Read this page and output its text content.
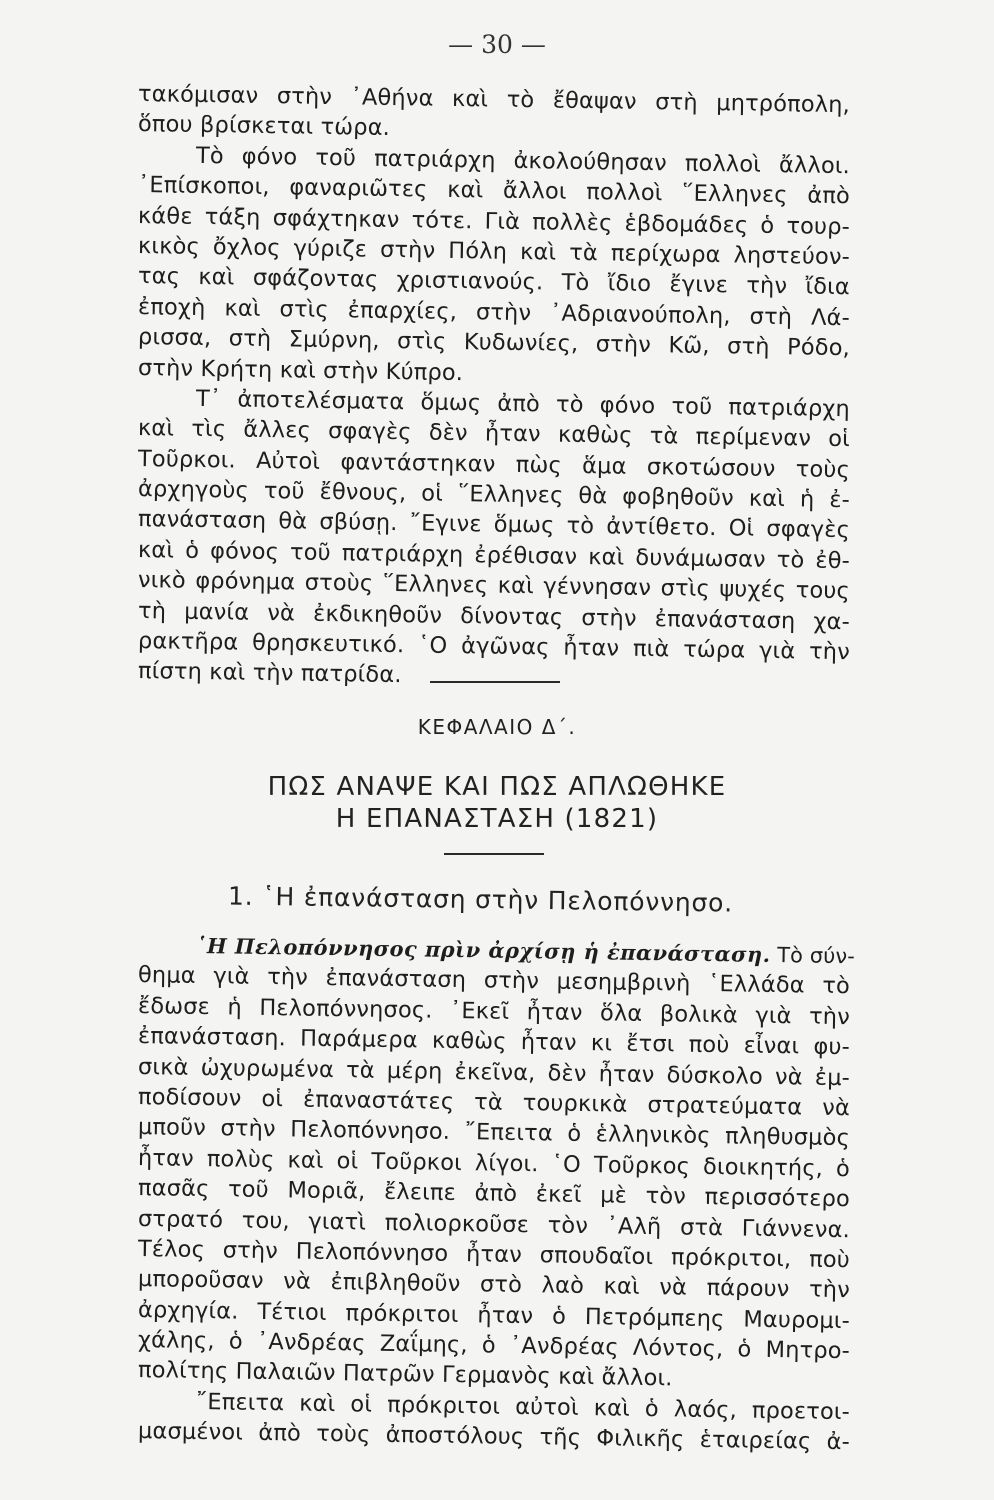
— 30 —
τακόμισαν στὴν ᾿Αθήνα καὶ τὸ ἔθαψαν στὴ μητρόπολη,
ὅπου βρίσκεται τώρα.
Τὸ φόνο τοῦ πατριάρχη ἀκολούθησαν πολλοὶ ἄλλοι.
᾿Επίσκοποι, φαναριῶτες καὶ ἄλλοι πολλοὶ ῞Ελληνες ἀπὸ
κάθε τάξη σφάχτηκαν τότε. Γιὰ πολλὲς ἑβδομάδες ὁ τουρ-
κικὸς ὄχλος γύριζε στὴν Πόλη καὶ τὰ περίχωρα ληστεύον-
τας καὶ σφάζοντας χριστιανούς. Τὸ ἴδιο ἔγινε τὴν ἴδια
ἐποχὴ καὶ στὶς ἐπαρχίες, στὴν ᾿Αδριανούπολη, στὴ Λά-
ρισσα, στὴ Σμύρνη, στὶς Κυδωνίες, στὴν Κῶ, στὴ Ρόδο,
στὴν Κρήτη καὶ στὴν Κύπρο.
Τ᾿ ἀποτελέσματα ὅμως ἀπὸ τὸ φόνο τοῦ πατριάρχη
καὶ τὶς ἄλλες σφαγὲς δὲν ἦταν καθὼς τὰ περίμεναν οἱ
Τοῦρκοι. Αὐτοὶ φαντάστηκαν πὼς ἅμα σκοτώσουν τοὺς
ἀρχηγοὺς τοῦ ἔθνους, οἱ ῞Ελληνες θὰ φοβηθοῦν καὶ ἡ ἐ-
πανάσταση θὰ σβύσῃ. ῎Εγινε ὅμως τὸ ἀντίθετο. Οἱ σφαγὲς
καὶ ὁ φόνος τοῦ πατριάρχη ἐρέθισαν καὶ δυνάμωσαν τὸ ἐθ-
νικὸ φρόνημα στοὺς ῞Ελληνες καὶ γέννησαν στὶς ψυχές τους
τὴ μανία νὰ ἐκδικηθοῦν δίνοντας στὴν ἐπανάσταση χα-
ρακτῆρα θρησκευτικό. ῾Ο ἀγῶνας ἦταν πιὰ τώρα γιὰ τὴν
πίστη καὶ τὴν πατρίδα.
ΚΕΦΑΛΑΙΟ Δ΄.
ΠΩΣ ΑΝΑΨΕ ΚΑΙ ΠΩΣ ΑΠΛΩΘΗΚΕ
Η ΕΠΑΝΑΣΤΑΣΗ (1821)
1. ῾Η ἐπανάσταση στὴν Πελοπόννησο.
῾Η Πελοπόννησος πρὶν ἀρχίσῃ ἡ ἐπανάσταση. Τὸ σύν-
θημα γιὰ τὴν ἐπανάσταση στὴν μεσημβρινὴ ῾Ελλάδα τὸ
ἔδωσε ἡ Πελοπόννησος. ᾿Εκεῖ ἦταν ὅλα βολικὰ γιὰ τὴν
ἐπανάσταση. Παράμερα καθὼς ἦταν κι ἔτσι ποὺ εἶναι φυ-
σικὰ ὠχυρωμένα τὰ μέρη ἐκεῖνα, δὲν ἦταν δύσκολο νὰ ἐμ-
ποδίσουν οἱ ἐπαναστάτες τὰ τουρκικὰ στρατεύματα νὰ
μποῦν στὴν Πελοπόννησο. ῎Επειτα ὁ ἑλληνικὸς πληθυσμὸς
ἦταν πολὺς καὶ οἱ Τοῦρκοι λίγοι. ῾Ο Τοῦρκος διοικητής, ὁ
πασᾶς τοῦ Μοριᾶ, ἔλειπε ἀπὸ ἐκεῖ μὲ τὸν περισσότερο
στρατό του, γιατὶ πολιορκοῦσε τὸν ᾿Αλῆ στὰ Γιάννενα.
Τέλος στὴν Πελοπόννησο ἦταν σπουδαῖοι πρόκριτοι, ποὺ
μποροῦσαν νὰ ἐπιβληθοῦν στὸ λαὸ καὶ νὰ πάρουν τὴν
ἀρχηγία. Τέτιοι πρόκριτοι ἦταν ὁ Πετρόμπεης Μαυρομι-
χάλης, ὁ ᾿Ανδρέας Ζαΐμης, ὁ ᾿Ανδρέας Λόντος, ὁ Μητρο-
πολίτης Παλαιῶν Πατρῶν Γερμανὸς καὶ ἄλλοι.
῎Επειτα καὶ οἱ πρόκριτοι αὐτοὶ καὶ ὁ λαός, προετοι-
μασμένοι ἀπὸ τοὺς ἀποστόλους τῆς Φιλικῆς ἑταιρείας ἀ-
